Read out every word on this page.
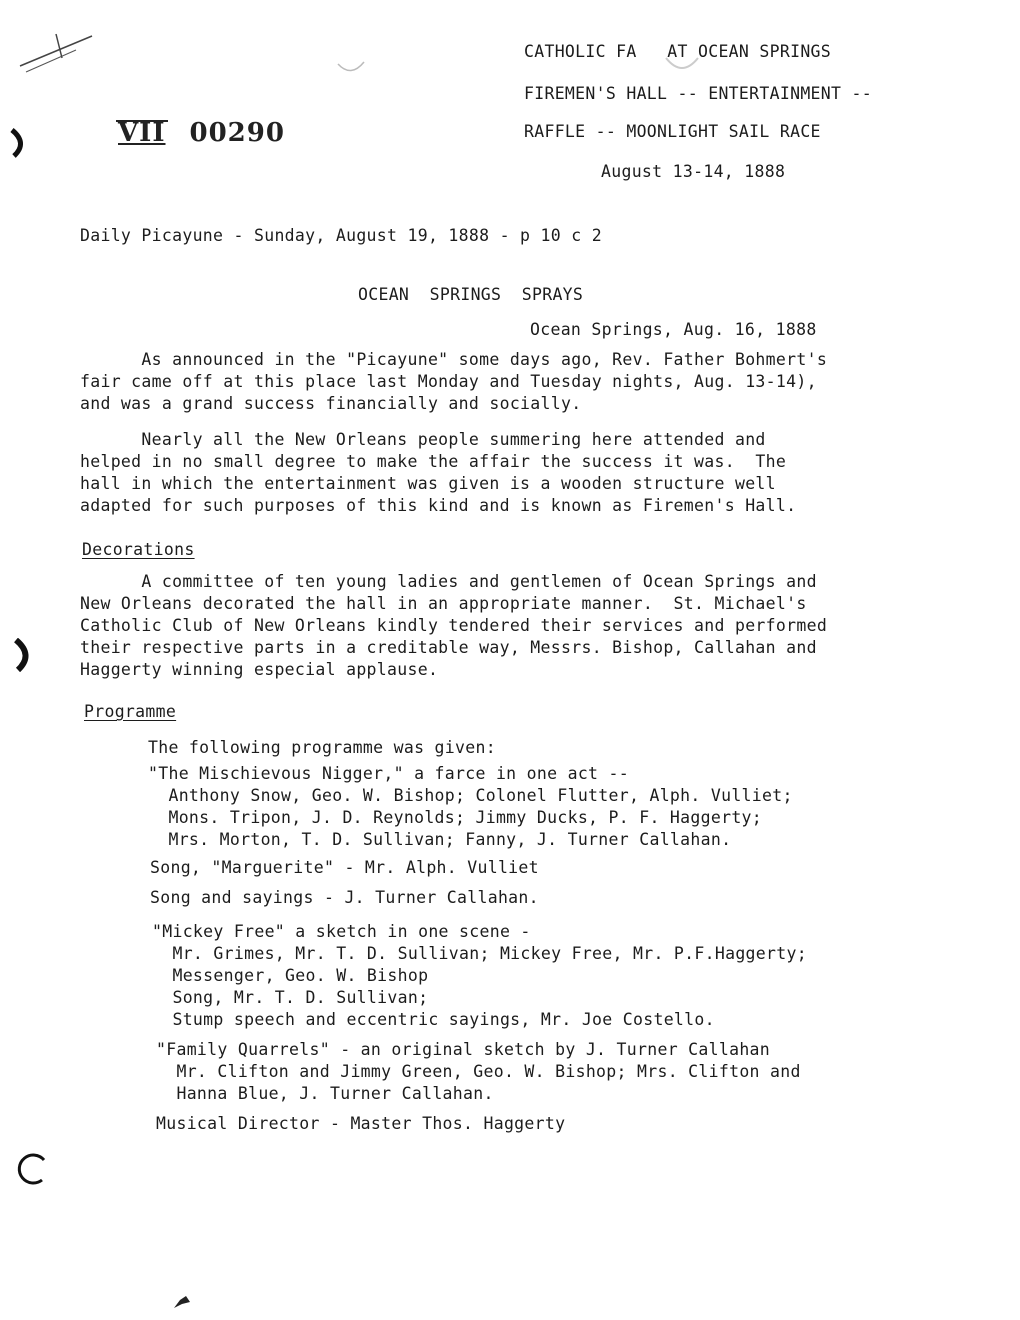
VII 00290
CATHOLIC FA   AT OCEAN SPRINGS
FIREMEN'S HALL -- ENTERTAINMENT --
RAFFLE -- MOONLIGHT SAIL RACE
August 13-14, 1888
Daily Picayune - Sunday, August 19, 1888 - p 10 c 2
OCEAN  SPRINGS  SPRAYS
Ocean Springs, Aug. 16, 1888
As announced in the "Picayune" some days ago, Rev. Father Bohmert's
fair came off at this place last Monday and Tuesday nights, Aug. 13-14),
and was a grand success financially and socially.
Nearly all the New Orleans people summering here attended and
helped in no small degree to make the affair the success it was.  The
hall in which the entertainment was given is a wooden structure well
adapted for such purposes of this kind and is known as Firemen's Hall.
Decorations
A committee of ten young ladies and gentlemen of Ocean Springs and
New Orleans decorated the hall in an appropriate manner.  St. Michael's
Catholic Club of New Orleans kindly tendered their services and performed
their respective parts in a creditable way, Messrs. Bishop, Callahan and
Haggerty winning especial applause.
Programme
The following programme was given:
"The Mischievous Nigger," a farce in one act --
Anthony Snow, Geo. W. Bishop; Colonel Flutter, Alph. Vulliet;
Mons. Tripon, J. D. Reynolds; Jimmy Ducks, P. F. Haggerty;
Mrs. Morton, T. D. Sullivan; Fanny, J. Turner Callahan.
Song, "Marguerite" - Mr. Alph. Vulliet
Song and sayings - J. Turner Callahan.
"Mickey Free" a sketch in one scene -
Mr. Grimes, Mr. T. D. Sullivan; Mickey Free, Mr. P.F.Haggerty;
Messenger, Geo. W. Bishop
Song, Mr. T. D. Sullivan;
Stump speech and eccentric sayings, Mr. Joe Costello.
"Family Quarrels" - an original sketch by J. Turner Callahan
Mr. Clifton and Jimmy Green, Geo. W. Bishop; Mrs. Clifton and
Hanna Blue, J. Turner Callahan.
Musical Director - Master Thos. Haggerty
